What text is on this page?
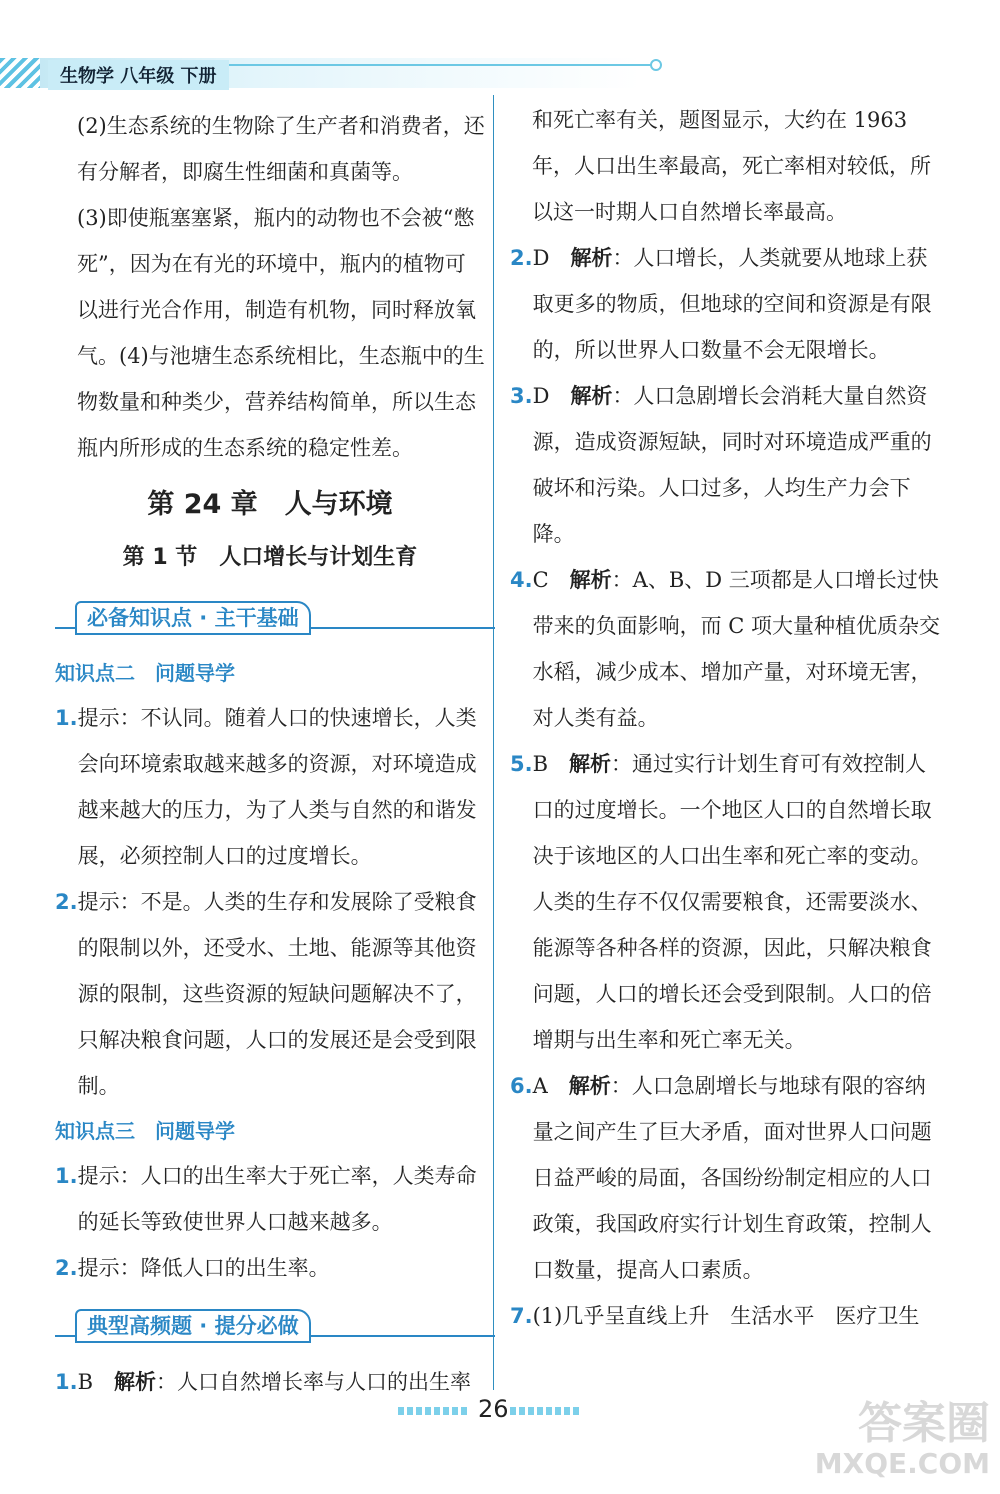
生物学 八年级 下册

(2)生态系统的生物除了生产者和消费者，还有分解者，即腐生性细菌和真菌等。

(3)即使瓶塞塞紧，瓶内的动物也不会被“憋死”，因为在有光的环境中，瓶内的植物可以进行光合作用，制造有机物，同时释放氧气。(4)与池塘生态系统相比，生态瓶中的生物数量和种类少，营养结构简单，所以生态瓶内所形成的生态系统的稳定性差。

第 24 章　人与环境
第 1 节　人口增长与计划生育
必备知识点 · 主干基础
知识点二　问题导学
1. 提示：不认同。随着人口的快速增长，人类会向环境索取越来越多的资源，对环境造成越来越大的压力，为了人类与自然的和谐发展，必须控制人口的过度增长。
2. 提示：不是。人类的生存和发展除了受粮食的限制以外，还受水、土地、能源等其他资源的限制，这些资源的短缺问题解决不了，只解决粮食问题，人口的发展还是会受到限制。
知识点三　问题导学
1. 提示：人口的出生率大于死亡率，人类寿命的延长等致使世界人口越来越多。
2. 提示：降低人口的出生率。
典型高频题 · 提分必做
1. B　 解析：人口自然增长率与人口的出生率

和死亡率有关，题图显示，大约在 1963 年，人口出生率最高，死亡率相对较低，所以这一时期人口自然增长率最高。

2. D　 解析：人口增长，人类就要从地球上获取更多的物质，但地球的空间和资源是有限的，所以世界人口数量不会无限增长。
3. D　 解析：人口急剧增长会消耗大量自然资源，造成资源短缺，同时对环境造成严重的破坏和污染。人口过多，人均生产力会下降。
4. C　 解析：A、B、D 三项都是人口增长过快带来的负面影响，而 C 项大量种植优质杂交水稻，减少成本、增加产量，对环境无害，对人类有益。
5. B　 解析：通过实行计划生育可有效控制人口的过度增长。一个地区人口的自然增长取决于该地区的人口出生率和死亡率的变动。人类的生存不仅仅需要粮食，还需要淡水、能源等各种各样的资源，因此，只解决粮食问题，人口的增长还会受到限制。人口的倍增期与出生率和死亡率无关。
6. A　 解析：人口急剧增长与地球有限的容纳量之间产生了巨大矛盾，面对世界人口问题日益严峻的局面，各国纷纷制定相应的人口政策，我国政府实行计划生育政策，控制人口数量，提高人口素质。
7. (1)几乎呈直线上升　生活水平　医疗卫生
26	答案圈
MXQE.COM
